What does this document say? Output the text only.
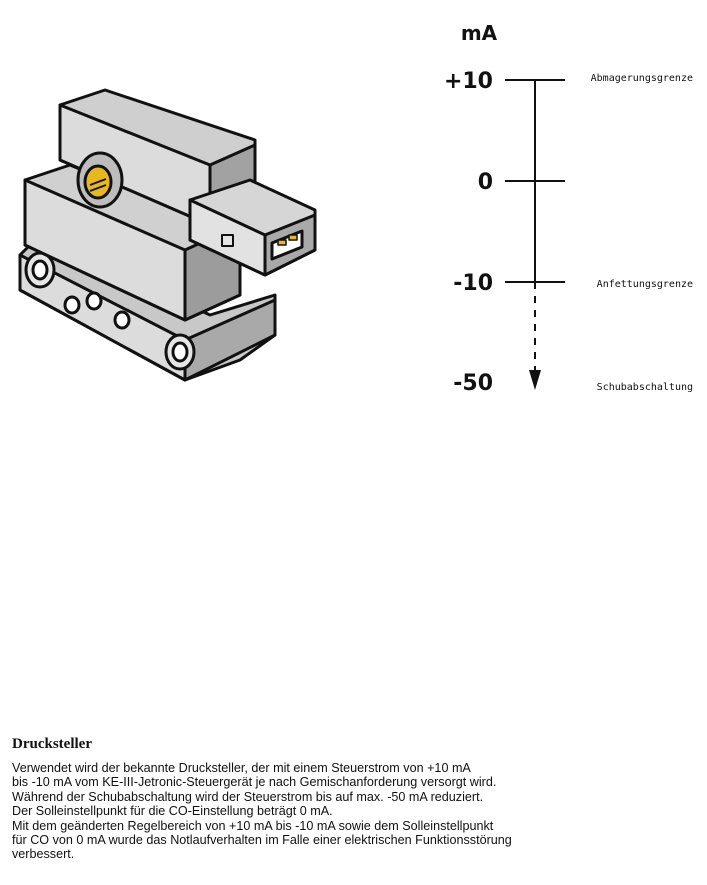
mA
+10
0
-10
-50
Abmagerungsgrenze
Anfettungsgrenze
Schubabschaltung
Drucksteller

Verwendet wird der bekannte Drucksteller, der mit einem Steuerstrom von +10 mA

bis -10 mA vom KE-III-Jetronic-Steuergerät je nach Gemischanforderung versorgt wird.

Während der Schubabschaltung wird der Steuerstrom bis auf max. -50 mA reduziert.

Der Solleinstellpunkt für die CO-Einstellung beträgt 0 mA.

Mit dem geänderten Regelbereich von +10 mA bis -10 mA sowie dem Solleinstellpunkt

für CO von 0 mA wurde das Notlaufverhalten im Falle einer elektrischen Funktionsstörung

verbessert.
